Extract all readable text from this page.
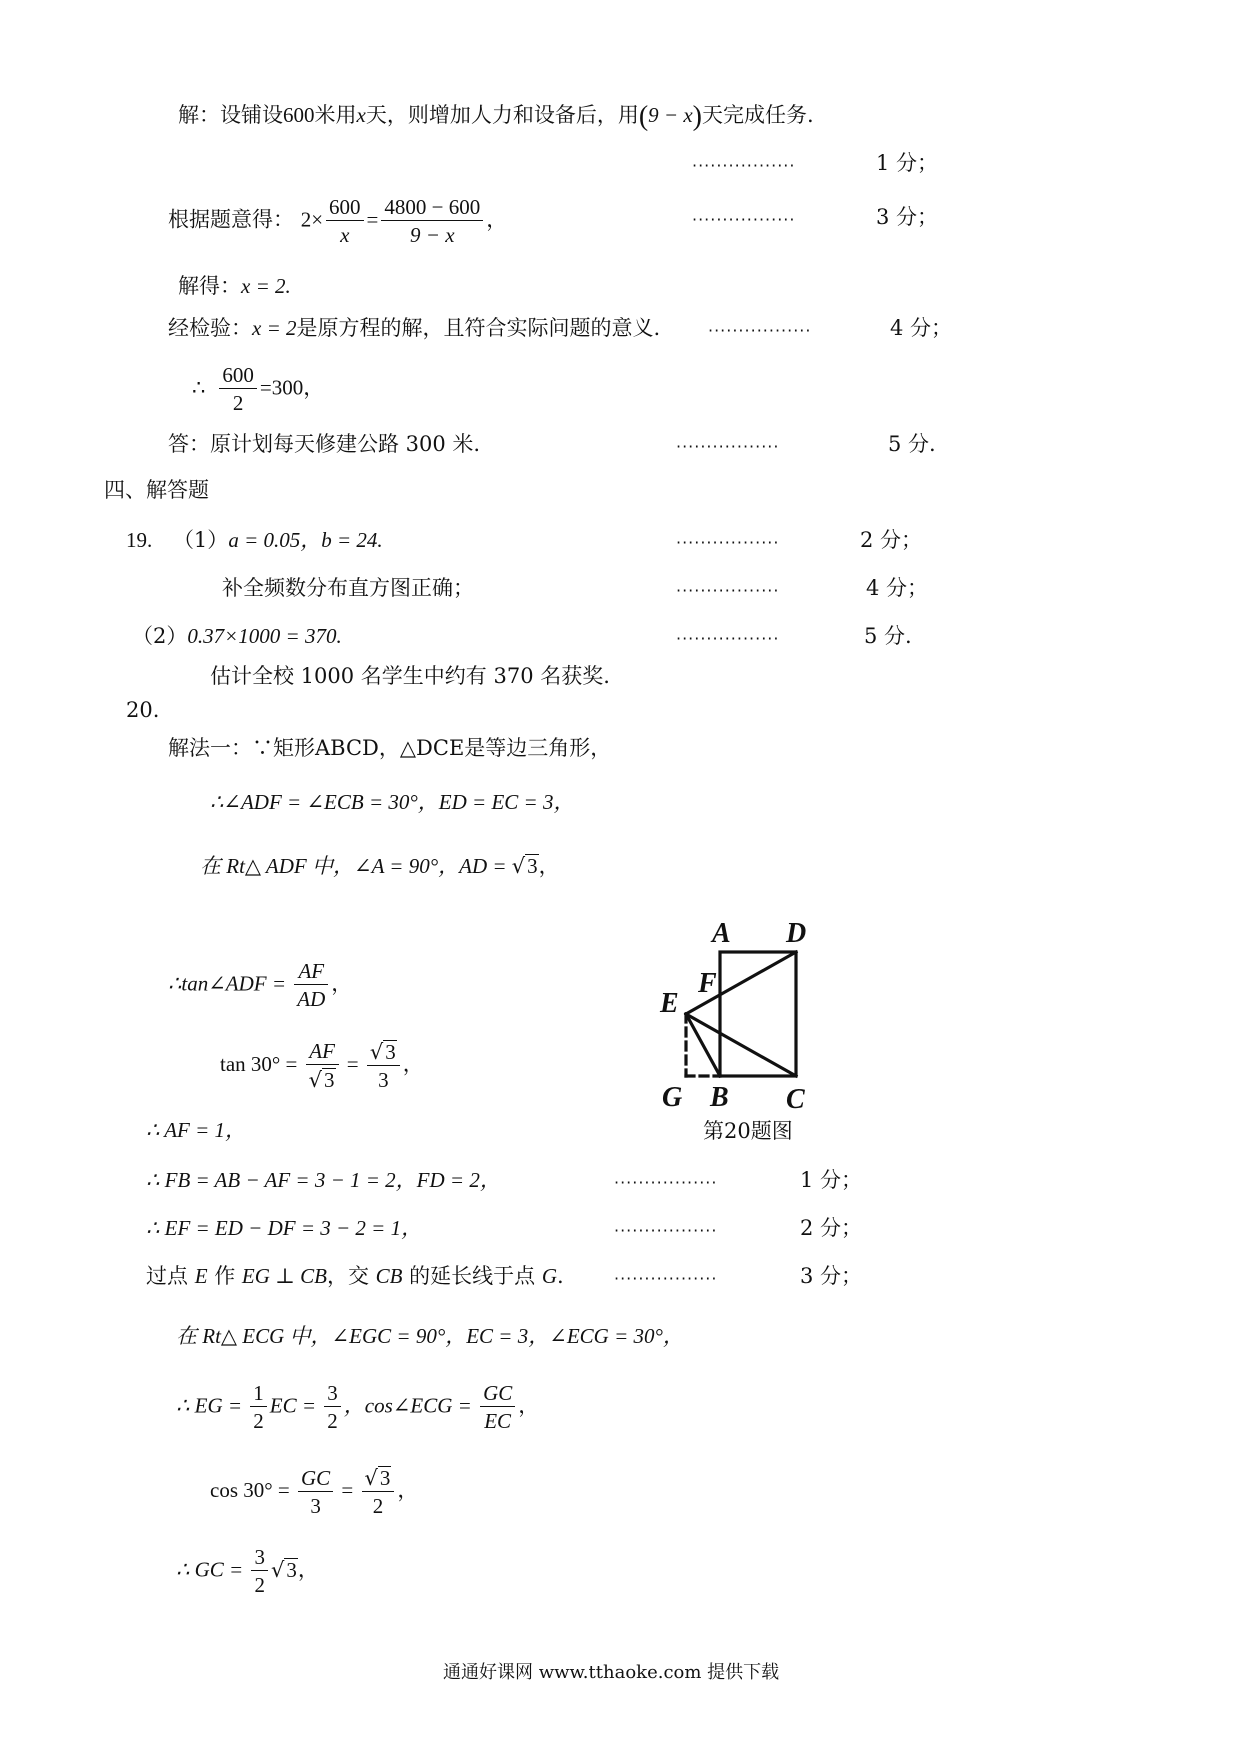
解：设铺设600米用x天，则增加人力和设备后，用(9 − x)天完成任务.
·················	1 分；
根据题意得： $2\times \frac{600}{x} = \frac{4800 - 600}{9 - x}$ ，	·················	3 分；
解得：x = 2.
经检验：x = 2是原方程的解，且符合实际问题的意义.	·················	4 分；
∴ $\frac{600}{2} =300$，
答：原计划每天修建公路 300 米.	·················	5 分.
四、解答题
19. （1）a = 0.05，b = 24.	·················	2 分；
补全频数分布直方图正确；	·················	4 分；
（2）0.37×1000 = 370.	·················	5 分.
估计全校 1000 名学生中约有 370 名获奖.
20.
解法一：∵矩形ABCD，△DCE是等边三角形，
∴∠ADF = ∠ECB = 30°，ED = EC = 3，
在 Rt△ ADF 中，∠A = 90°，AD = √3，
∴tan∠ADF = $\frac{AF}{AD}$ ，
$\tan 30^\circ = \frac{AF}{√3} = \frac{√3}{3}$ ，
∴ AF = 1，
∴ FB = AB − AF = 3 − 1 = 2，FD = 2，	·················	1 分；
∴ EF = ED − DF = 3 − 2 = 1，	·················	2 分；
过点 E 作 EG ⊥ CB，交 CB 的延长线于点 G.	·················	3 分；
在 Rt△ ECG 中，∠EGC = 90°，EC = 3，∠ECG = 30°，
∴ EG = $\frac{1}{2}$ EC = $\frac{3}{2}$ ，cos∠ECG = $\frac{GC}{EC}$ ，
$\cos 30^\circ = \frac{GC}{3} = \frac{√3}{2}$ ，
∴ GC = $\frac{3}{2} √3$，
A D
F
E
G B C
第20题图
通通好课网 www.tthaoke.com 提供下载
